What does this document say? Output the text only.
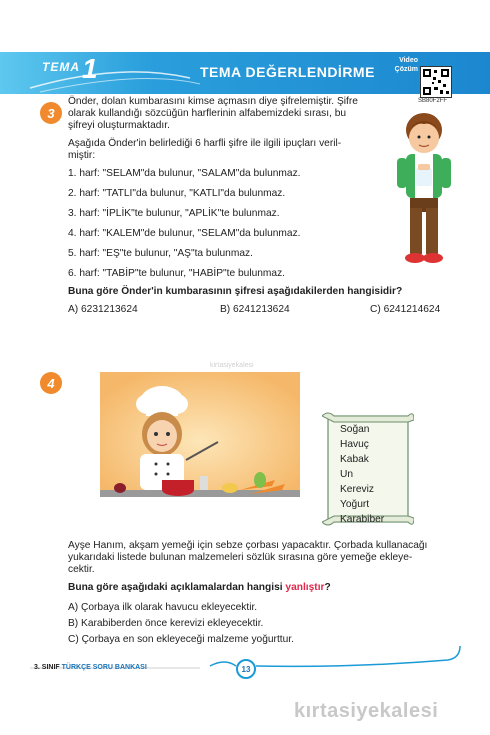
TEMA 1	TEMA DEĞERLENDİRME
Video
Çözüm
SB80F2FF
3
Önder, dolan kumbarasını kimse açmasın diye şifrelemiştir. Şifre
olarak kullandığı sözcüğün harflerinin alfabemizdeki sırası, bu
şifreyi oluşturmaktadır.
Aşağıda Önder'in belirlediği 6 harfli şifre ile ilgili ipuçları veril-
miştir:
1. harf: "SELAM"da bulunur, "SALAM"da bulunmaz.
2. harf: "TATLI"da bulunur, "KATLI"da bulunmaz.
3. harf: "İPLİK"te bulunur, "APLİK"te bulunmaz.
4. harf: "KALEM"de bulunur, "SELAM"da bulunmaz.
5. harf: "EŞ"te bulunur, "AŞ"ta bulunmaz.
6. harf: "TABİP"te bulunur, "HABİP"te bulunmaz.
Buna göre Önder'in kumbarasının şifresi aşağıdakilerden hangisidir?
A) 6231213624	B) 6241213624	C) 6241214624
4
kirtasiyekalesi
Soğan
Havuç
Kabak
Un
Kereviz
Yoğurt
Karabiber
Ayşe Hanım, akşam yemeği için sebze çorbası yapacaktır. Çorbada kullanacağı
yukarıdaki listede bulunan malzemeleri sözlük sırasına göre yemeğe ekleye-
cektir.
Buna göre aşağıdaki açıklamalardan hangisi yanlıştır?
A) Çorbaya ilk olarak havucu ekleyecektir.
B) Karabiberden önce kerevizi ekleyecektir.
C) Çorbaya en son ekleyeceği malzeme yoğurttur.
3. SINIF TÜRKÇE SORU BANKASI	13
kırtasiyekalesi
